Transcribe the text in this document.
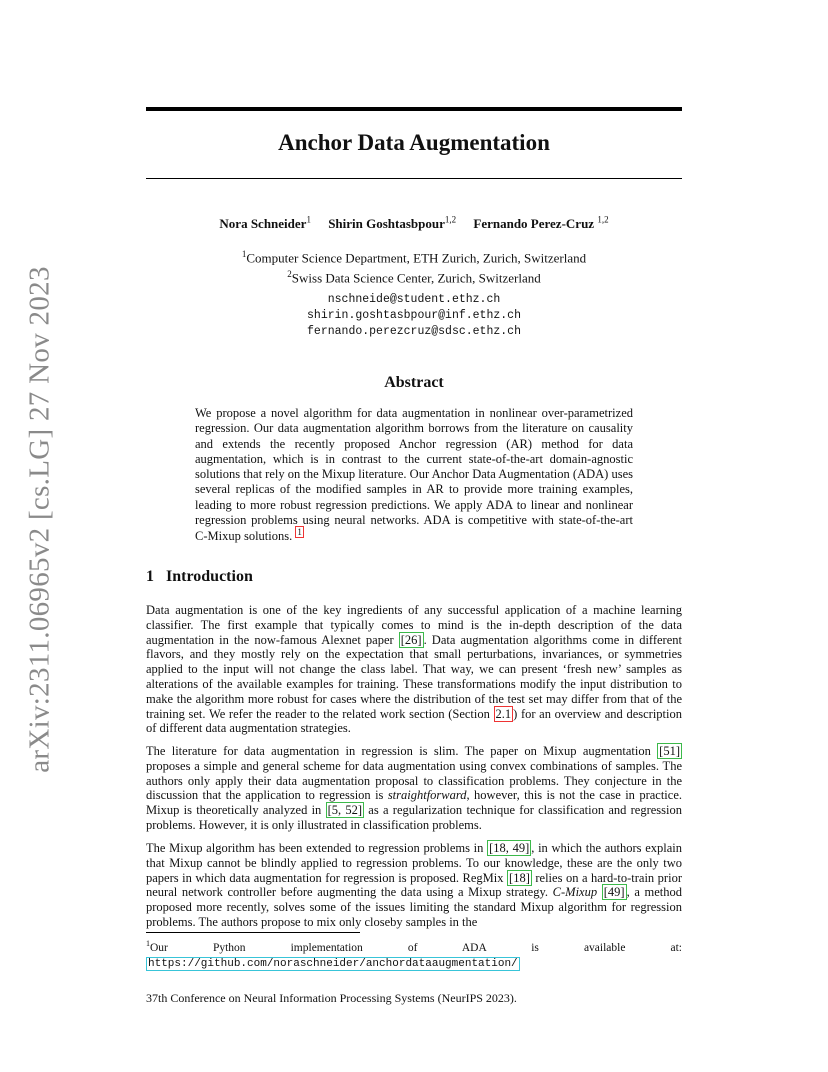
arXiv:2311.06965v2 [cs.LG] 27 Nov 2023
Anchor Data Augmentation
Nora Schneider$^1$ Shirin Goshtasbpour$^{1,2}$ Fernando Perez-Cruz $^{1,2}$
$^1$Computer Science Department, ETH Zurich, Zurich, Switzerland
$^2$Swiss Data Science Center, Zurich, Switzerland
nschneide@student.ethz.ch
shirin.goshtasbpour@inf.ethz.ch
fernando.perezcruz@sdsc.ethz.ch
Abstract

We propose a novel algorithm for data augmentation in nonlinear over-parametrized regression. Our data augmentation algorithm borrows from the literature on causality and extends the recently proposed Anchor regression (AR) method for data augmentation, which is in contrast to the current state-of-the-art domain-agnostic solutions that rely on the Mixup literature. Our Anchor Data Augmentation (ADA) uses several replicas of the modified samples in AR to provide more training examples, leading to more robust regression predictions. We apply ADA to linear and nonlinear regression problems using neural networks. ADA is competitive with state-of-the-art C-Mixup solutions. $^1$

1 Introduction

Data augmentation is one of the key ingredients of any successful application of a machine learning classifier. The first example that typically comes to mind is the in-depth description of the data augmentation in the now-famous Alexnet paper [26] . Data augmentation algorithms come in different flavors, and they mostly rely on the expectation that small perturbations, invariances, or symmetries applied to the input will not change the class label. That way, we can present ‘fresh new’ samples as alterations of the available examples for training. These transformations modify the input distribution to make the algorithm more robust for cases where the distribution of the test set may differ from that of the training set. We refer the reader to the related work section (Section 2.1 ) for an overview and description of different data augmentation strategies.

The literature for data augmentation in regression is slim. The paper on Mixup augmentation [51] proposes a simple and general scheme for data augmentation using convex combinations of samples. The authors only apply their data augmentation proposal to classification problems. They conjecture in the discussion that the application to regression is straightforward, however, this is not the case in practice. Mixup is theoretically analyzed in [5, 52] as a regularization technique for classification and regression problems. However, it is only illustrated in classification problems.

The Mixup algorithm has been extended to regression problems in [18, 49] , in which the authors explain that Mixup cannot be blindly applied to regression problems. To our knowledge, these are the only two papers in which data augmentation for regression is proposed. RegMix [18] relies on a hard-to-train prior neural network controller before augmenting the data using a Mixup strategy. C-Mixup [49] , a method proposed more recently, solves some of the issues limiting the standard Mixup algorithm for regression problems. The authors propose to mix only closeby samples in the

$^1$Our Python implementation of ADA is available at: https://github.com/noraschneider/anchordataaugmentation/
37th Conference on Neural Information Processing Systems (NeurIPS 2023).
